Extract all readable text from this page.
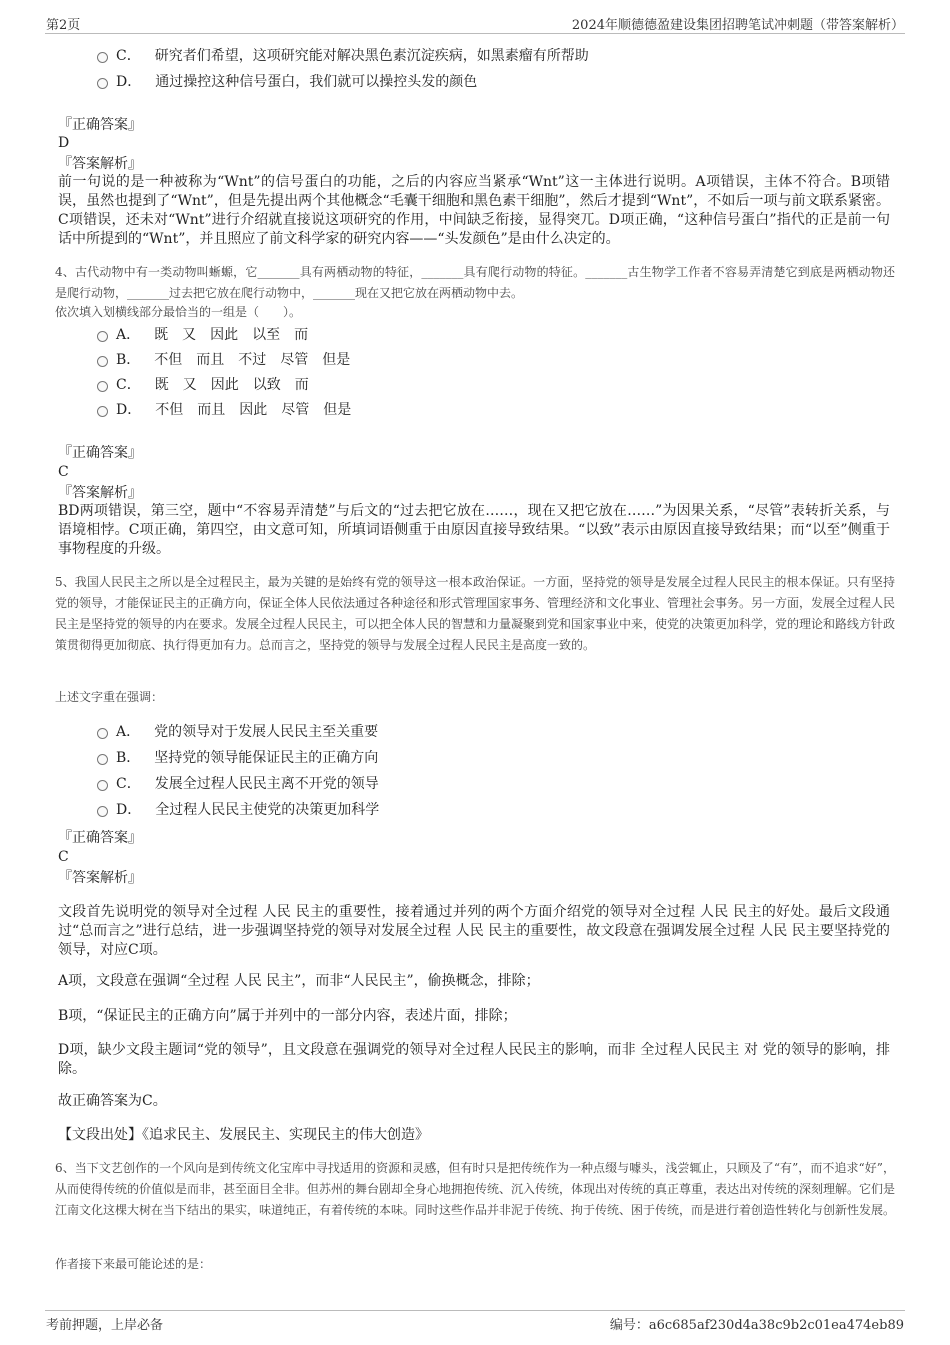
第2页	2024年顺德德盈建设集团招聘笔试冲刺题（带答案解析）
C． 研究者们希望，这项研究能对解决黑色素沉淀疾病，如黑素瘤有所帮助
D． 通过操控这种信号蛋白，我们就可以操控头发的颜色
『正确答案』
D
『答案解析』
前一句说的是一种被称为“Wnt”的信号蛋白的功能，之后的内容应当紧承“Wnt”这一主体进行说明。A项错误，主体不符合。B项错误，虽然也提到了“Wnt”，但是先提出两个其他概念“毛囊干细胞和黑色素干细胞”，然后才提到“Wnt”，不如后一项与前文联系紧密。C项错误，还未对“Wnt”进行介绍就直接说这项研究的作用，中间缺乏衔接，显得突兀。D项正确，“这种信号蛋白”指代的正是前一句话中所提到的“Wnt”，并且照应了前文科学家的研究内容——“头发颜色”是由什么决定的。
4、古代动物中有一类动物叫蜥螈，它_______具有两栖动物的特征，_______具有爬行动物的特征。_______古生物学工作者不容易弄清楚它到底是两栖动物还是爬行动物，_______过去把它放在爬行动物中，_______现在又把它放在两栖动物中去。
依次填入划横线部分最恰当的一组是（　　）。
A． 既　又　因此　以至　而
B． 不但　而且　不过　尽管　但是
C． 既　又　因此　以致　而
D． 不但　而且　因此　尽管　但是
『正确答案』
C
『答案解析』
BD两项错误，第三空，题中“不容易弄清楚”与后文的“过去把它放在……，现在又把它放在……”为因果关系，“尽管”表转折关系，与语境相悖。C项正确，第四空，由文意可知，所填词语侧重于由原因直接导致结果。“以致”表示由原因直接导致结果；而“以至”侧重于事物程度的升级。
5、我国人民民主之所以是全过程民主，最为关键的是始终有党的领导这一根本政治保证。一方面，坚持党的领导是发展全过程人民民主的根本保证。只有坚持党的领导，才能保证民主的正确方向，保证全体人民依法通过各种途径和形式管理国家事务、管理经济和文化事业、管理社会事务。另一方面，发展全过程人民民主是坚持党的领导的内在要求。发展全过程人民民主，可以把全体人民的智慧和力量凝聚到党和国家事业中来，使党的决策更加科学，党的理论和路线方针政策贯彻得更加彻底、执行得更加有力。总而言之，坚持党的领导与发展全过程人民民主是高度一致的。
上述文字重在强调：
A． 党的领导对于发展人民民主至关重要
B． 坚持党的领导能保证民主的正确方向
C． 发展全过程人民民主离不开党的领导
D． 全过程人民民主使党的决策更加科学
『正确答案』
C
『答案解析』
文段首先说明党的领导对全过程 人民 民主的重要性，接着通过并列的两个方面介绍党的领导对全过程 人民 民主的好处。最后文段通过“总而言之”进行总结，进一步强调坚持党的领导对发展全过程 人民 民主的重要性，故文段意在强调发展全过程 人民 民主要坚持党的领导，对应C项。
A项，文段意在强调“全过程 人民 民主”，而非“人民民主”，偷换概念，排除；
B项，“保证民主的正确方向”属于并列中的一部分内容，表述片面，排除；
D项，缺少文段主题词“党的领导”，且文段意在强调党的领导对全过程人民民主的影响，而非 全过程人民民主 对 党的领导的影响，排除。
故正确答案为C。
【文段出处】《追求民主、发展民主、实现民主的伟大创造》
6、当下文艺创作的一个风向是到传统文化宝库中寻找适用的资源和灵感，但有时只是把传统作为一种点缀与噱头，浅尝辄止，只顾及了“有”，而不追求“好”，从而使得传统的价值似是而非，甚至面目全非。但苏州的舞台剧却全身心地拥抱传统、沉入传统，体现出对传统的真正尊重，表达出对传统的深刻理解。它们是江南文化这棵大树在当下结出的果实，味道纯正，有着传统的本味。同时这些作品并非泥于传统、拘于传统、困于传统，而是进行着创造性转化与创新性发展。
作者接下来最可能论述的是：
考前押题，上岸必备	编号：a6c685af230d4a38c9b2c01ea474eb89
